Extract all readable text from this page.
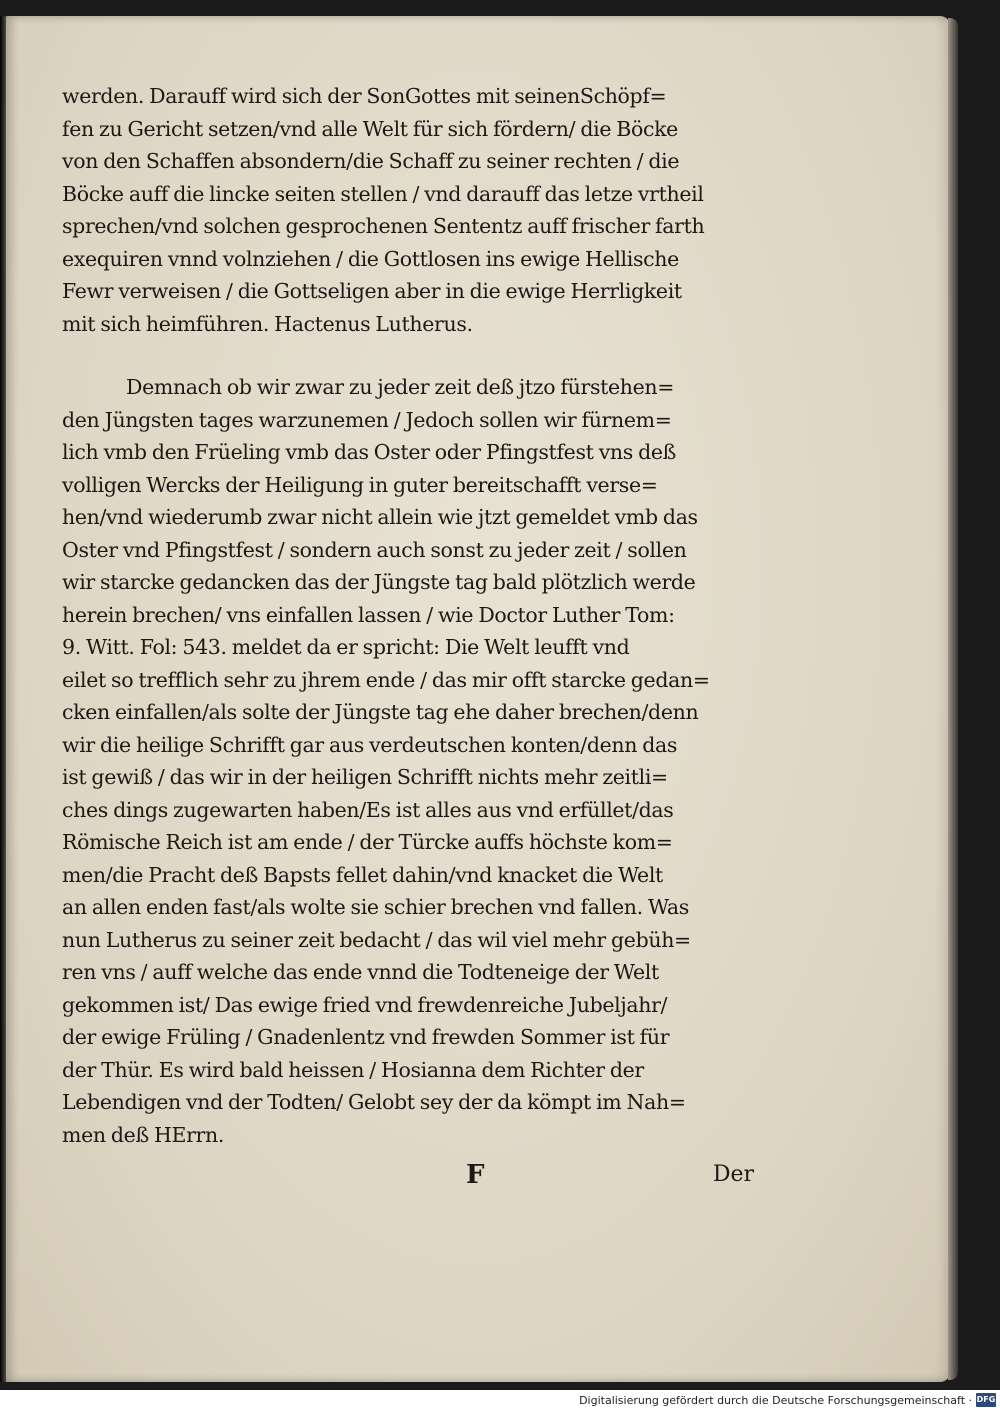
werden. Darauff wird sich der SonGottes mit seinenSchöpf=
fen zu Gericht setzen/vnd alle Welt für sich fördern/ die Böcke
von den Schaffen absondern/die Schaff zu seiner rechten / die
Böcke auff die lincke seiten stellen / vnd darauff das letze vrtheil
sprechen/vnd solchen gesprochenen Sententz auff frischer farth
exequiren vnnd volnziehen / die Gottlosen ins ewige Hellische
Fewr verweisen / die Gottseligen aber in die ewige Herrligkeit
mit sich heimführen. Hactenus Lutherus.
Demnach ob wir zwar zu jeder zeit deß jtzo fürstehen=
den Jüngsten tages warzunemen / Jedoch sollen wir fürnem=
lich vmb den Früeling vmb das Oster oder Pfingstfest vns deß
volligen Wercks der Heiligung in guter bereitschafft verse=
hen/vnd wiederumb zwar nicht allein wie jtzt gemeldet vmb das
Oster vnd Pfingstfest / sondern auch sonst zu jeder zeit / sollen
wir starcke gedancken das der Jüngste tag bald plötzlich werde
herein brechen/ vns einfallen lassen / wie Doctor Luther Tom:
9. Witt. Fol: 543. meldet da er spricht: Die Welt leufft vnd
eilet so trefflich sehr zu jhrem ende / das mir offt starcke gedan=
cken einfallen/als solte der Jüngste tag ehe daher brechen/denn
wir die heilige Schrifft gar aus verdeutschen konten/denn das
ist gewiß / das wir in der heiligen Schrifft nichts mehr zeitli=
ches dings zugewarten haben/Es ist alles aus vnd erfüllet/das
Römische Reich ist am ende / der Türcke auffs höchste kom=
men/die Pracht deß Bapsts fellet dahin/vnd knacket die Welt
an allen enden fast/als wolte sie schier brechen vnd fallen. Was
nun Lutherus zu seiner zeit bedacht / das wil viel mehr gebüh=
ren vns / auff welche das ende vnnd die Todteneige der Welt
gekommen ist/ Das ewige fried vnd frewdenreiche Jubeljahr/
der ewige Früling / Gnadenlentz vnd frewden Sommer ist für
der Thür. Es wird bald heissen / Hosianna dem Richter der
Lebendigen vnd der Todten/ Gelobt sey der da kömpt im Nah=
men deß HErrn.
F	Der
Digitalisierung gefördert durch die Deutsche Forschungsgemeinschaft · DFG
